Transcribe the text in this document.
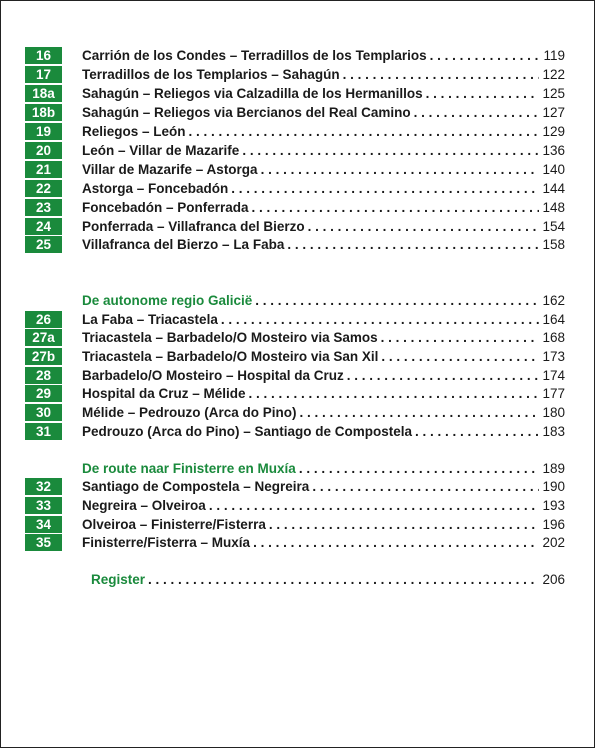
16	Carrión de los Condes – Terradillos de los Templarios . . .	119
17	Terradillos de los Templarios – Sahagún . . .	122
18a	Sahagún – Reliegos via Calzadilla de los Hermanillos . . .	125
18b	Sahagún – Reliegos via Bercianos del Real Camino . . .	127
19	Reliegos – León . . .	129
20	León – Villar de Mazarife . . .	136
21	Villar de Mazarife – Astorga . . .	140
22	Astorga – Foncebadón . . .	144
23	Foncebadón – Ponferrada . . .	148
24	Ponferrada – Villafranca del Bierzo . . .	154
25	Villafranca del Bierzo – La Faba . . .	158
De autonome regio Galicië . . .	162
26	La Faba – Triacastela . . .	164
27a	Triacastela – Barbadelo/O Mosteiro via Samos . . .	168
27b	Triacastela – Barbadelo/O Mosteiro via San Xil . . .	173
28	Barbadelo/O Mosteiro – Hospital da Cruz . . .	174
29	Hospital da Cruz – Mélide . . .	177
30	Mélide – Pedrouzo (Arca do Pino) . . .	180
31	Pedrouzo (Arca do Pino) – Santiago de Compostela . . .	183
De route naar Finisterre en Muxía . . .	189
32	Santiago de Compostela – Negreira . . .	190
33	Negreira – Olveiroa . . .	193
34	Olveiroa – Finisterre/Fisterra . . .	196
35	Finisterre/Fisterra – Muxía . . .	202
Register . . .	206
